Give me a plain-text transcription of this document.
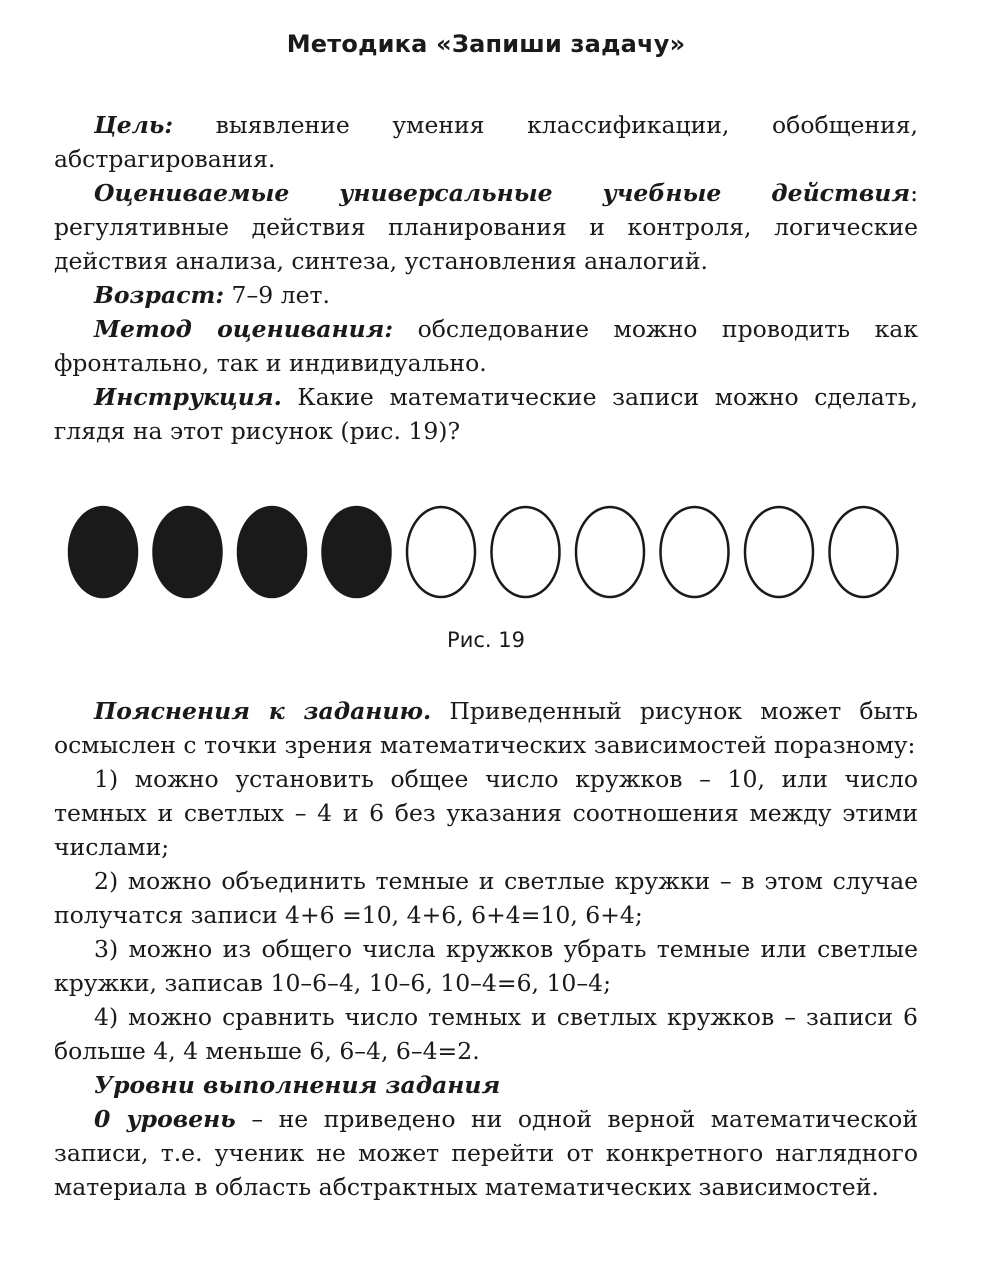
Методика «Запиши задачу»

Цель: выявление умения классификации, обобщения, абстрагирования.

Оцениваемые универсальные учебные действия: регулятивные действия планирования и контроля, логические действия анализа, синтеза, установления аналогий.

Возраст: 7–9 лет.

Метод оценивания: обследование можно проводить как фронтально, так и индивидуально.

Инструкция. Какие математические записи можно сделать, глядя на этот рисунок (рис. 19)?

Рис. 19

Пояснения к заданию. Приведенный рисунок может быть осмыслен с точки зрения математических зависимостей поразному:

1) можно установить общее число кружков – 10, или число темных и светлых – 4 и 6 без указания соотношения между этими числами;

2) можно объединить темные и светлые кружки – в этом случае получатся записи 4+6 =10, 4+6, 6+4=10, 6+4;

3) можно из общего числа кружков убрать темные или светлые кружки, записав 10–6–4, 10–6, 10–4=6, 10–4;

4) можно сравнить число темных и светлых кружков – записи 6 больше 4, 4 меньше 6, 6–4, 6–4=2.

Уровни выполнения задания

0 уровень – не приведено ни одной верной математической записи, т.е. ученик не может перейти от конкретного наглядного материала в область абстрактных математических зависимостей.
